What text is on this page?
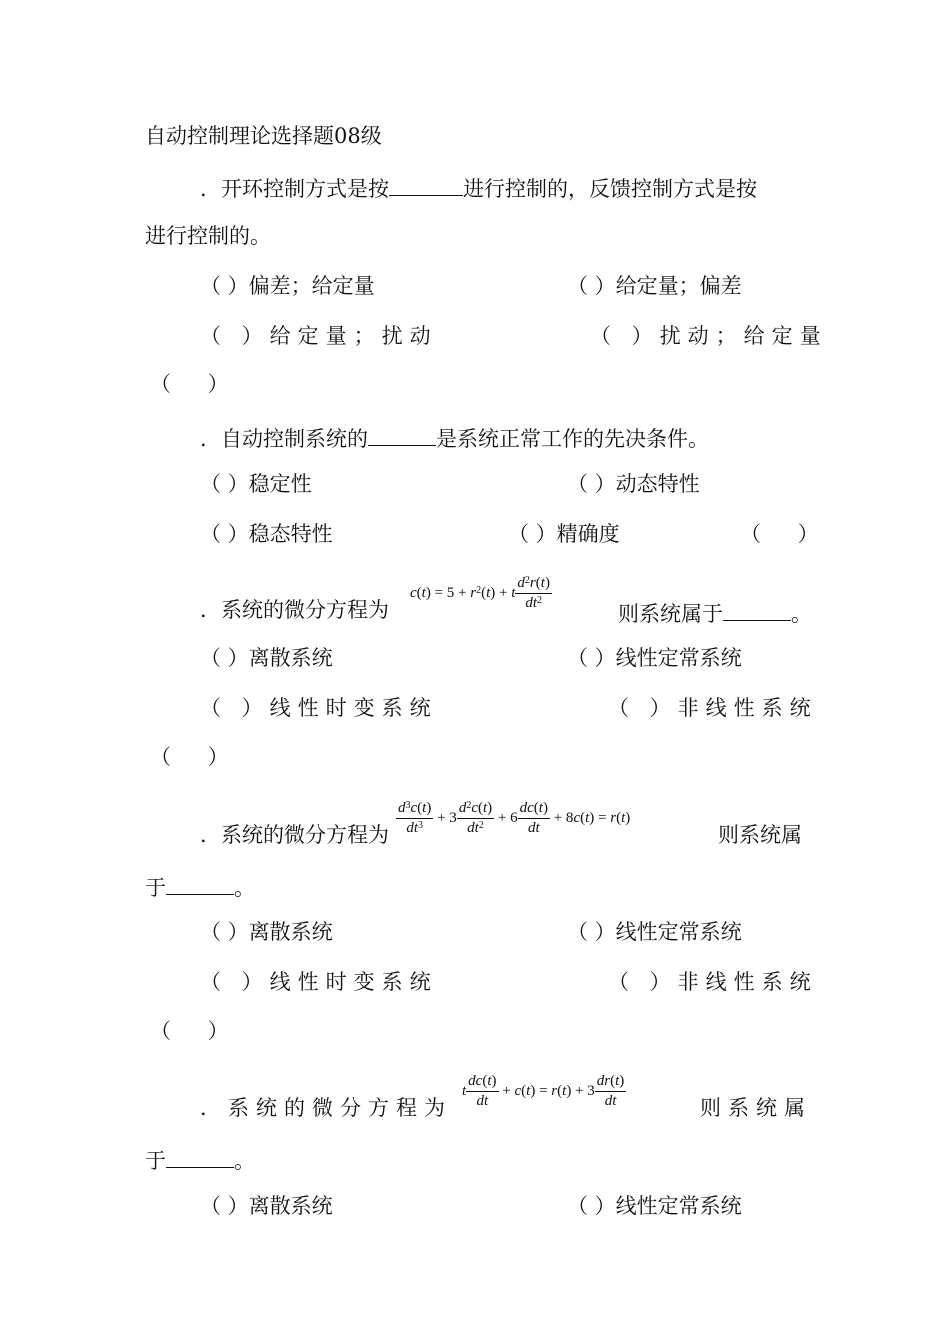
自动控制理论选择题08级
．开环控制方式是按	进行控制的，反馈控制方式是按
进行控制的。
（ ）偏差；给定量	（ ）给定量；偏差
（ ）给定量；扰动	（ ）扰动；给定量
（ ）
．自动控制系统的	是系统正常工作的先决条件。
（ ）稳定性	（ ）动态特性
（ ）稳态特性	（ ）精确度	（ ）
．系统的微分方程为
$c(t) = 5 + r^2(t) + t \frac{d^2r(t)}{dt^2}$
则系统属于	。
（ ）离散系统	（ ）线性定常系统
（ ）线性时变系统	（ ）非线性系统
（ ）
．系统的微分方程为 $\frac{d^3c(t)}{dt^3} + 3 \frac{d^2c(t)}{dt^2} + 6 \frac{dc(t)}{dt} + 8c(t) = r(t)$
则系统属
于	。
（ ）离散系统	（ ）线性定常系统
（ ）线性时变系统	（ ）非线性系统
（ ）
．系统的微分方程为
t $\frac{dc(t)}{dt} + c(t) = r(t) + 3 \frac{dr(t)}{dt}$	则系统属
于	。
（ ）离散系统	（ ）线性定常系统
